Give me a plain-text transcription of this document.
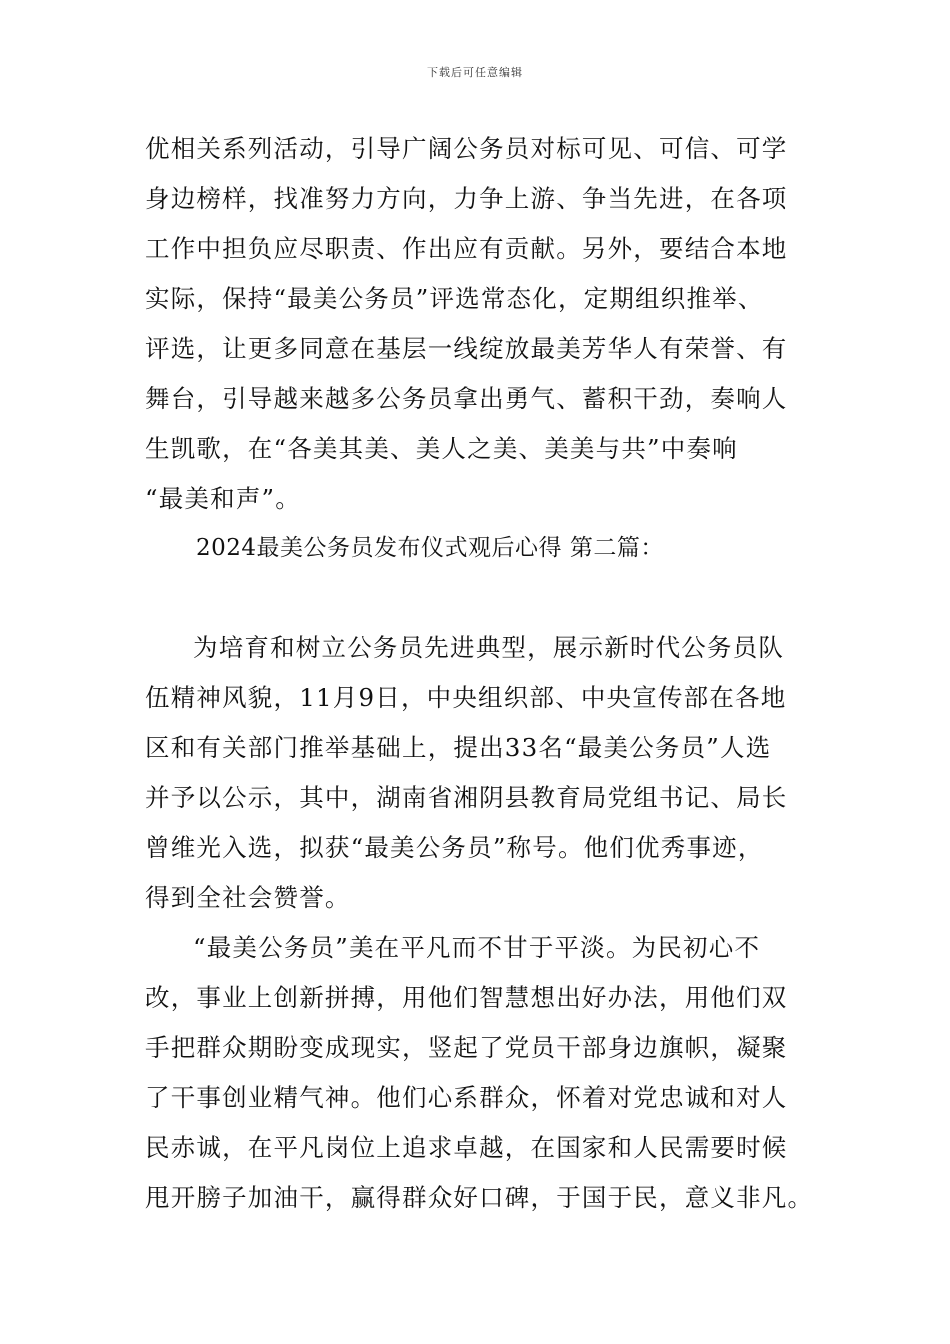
下载后可任意编辑
优相关系列活动，引导广阔公务员对标可见、可信、可学
身边榜样，找准努力方向，力争上游、争当先进，在各项
工作中担负应尽职责、作出应有贡献。另外，要结合本地
实际，保持“最美公务员”评选常态化，定期组织推举、
评选，让更多同意在基层一线绽放最美芳华人有荣誉、有
舞台，引导越来越多公务员拿出勇气、蓄积干劲，奏响人
生凯歌，在“各美其美、美人之美、美美与共”中奏响
“最美和声”。
2024最美公务员发布仪式观后心得 第二篇：
为培育和树立公务员先进典型，展示新时代公务员队
伍精神风貌，11月9日，中央组织部、中央宣传部在各地
区和有关部门推举基础上，提出33名“最美公务员”人选
并予以公示，其中，湖南省湘阴县教育局党组书记、局长
曾维光入选，拟获“最美公务员”称号。他们优秀事迹，
得到全社会赞誉。
“最美公务员”美在平凡而不甘于平淡。为民初心不
改，事业上创新拼搏，用他们智慧想出好办法，用他们双
手把群众期盼变成现实，竖起了党员干部身边旗帜，凝聚
了干事创业精气神。他们心系群众，怀着对党忠诚和对人
民赤诚，在平凡岗位上追求卓越，在国家和人民需要时候
甩开膀子加油干，赢得群众好口碑，于国于民，意义非凡。
